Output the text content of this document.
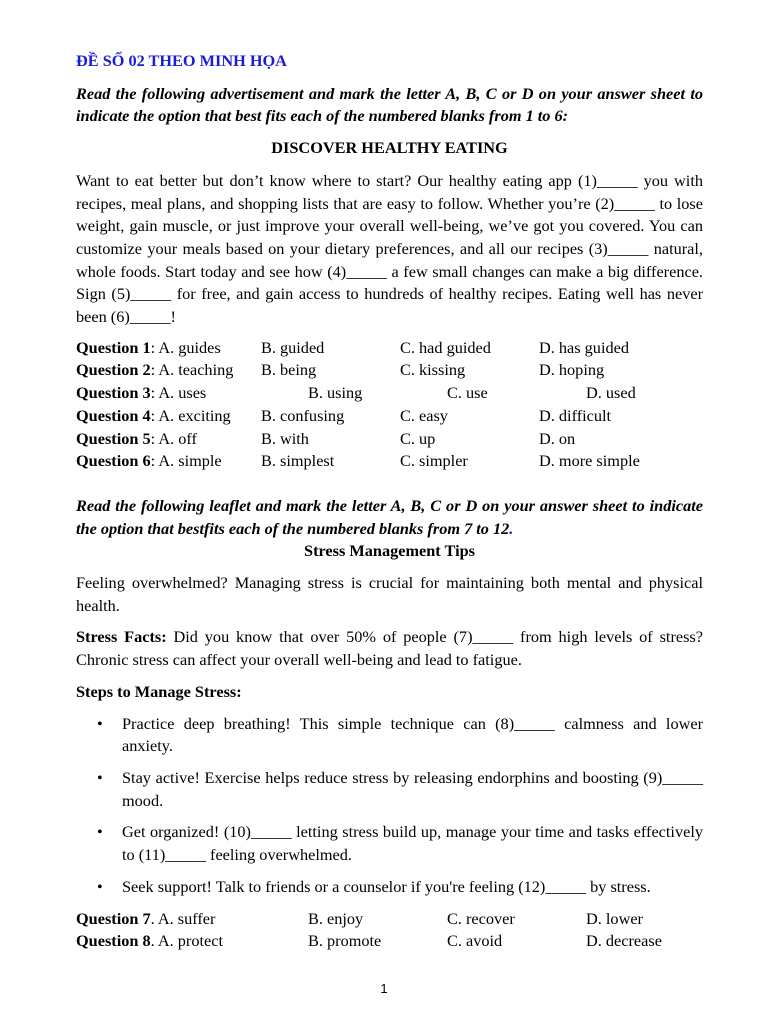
ĐỀ SỐ 02 THEO MINH HỌA

Read the following advertisement and mark the letter A, B, C or D on your answer sheet to indicate the option that best fits each of the numbered blanks from 1 to 6:

DISCOVER HEALTHY EATING

Want to eat better but don’t know where to start? Our healthy eating app (1)_____ you with recipes, meal plans, and shopping lists that are easy to follow. Whether you’re (2)_____ to lose weight, gain muscle, or just improve your overall well-being, we’ve got you covered. You can customize your meals based on your dietary preferences, and all our recipes (3)_____ natural, whole foods. Start today and see how (4)_____ a few small changes can make a big difference. Sign (5)_____ for free, and gain access to hundreds of healthy recipes. Eating well has never been (6)_____!

Question 1: A. guides	B. guided	C. had guided	D. has guided
Question 2: A. teaching	B. being	C. kissing	D. hoping
Question 3: A. uses	B. using	C. use	D. used
Question 4: A. exciting	B. confusing	C. easy	D. difficult
Question 5: A. off	B. with	C. up	D. on
Question 6: A. simple	B. simplest	C. simpler	D. more simple

Read the following leaflet and mark the letter A, B, C or D on your answer sheet to indicate the option that bestfits each of the numbered blanks from 7 to 12.

Stress Management Tips

Feeling overwhelmed? Managing stress is crucial for maintaining both mental and physical health.

Stress Facts: Did you know that over 50% of people (7)_____ from high levels of stress? Chronic stress can affect your overall well-being and lead to fatigue.

Steps to Manage Stress:

• Practice deep breathing! This simple technique can (8)_____ calmness and lower anxiety.
• Stay active! Exercise helps reduce stress by releasing endorphins and boosting (9)_____ mood.
• Get organized! (10)_____ letting stress build up, manage your time and tasks effectively to (11)_____ feeling overwhelmed.
• Seek support! Talk to friends or a counselor if you're feeling (12)_____ by stress.
Question 7. A. suffer	B. enjoy	C. recover	D. lower
Question 8. A. protect	B. promote	C. avoid	D. decrease
1
